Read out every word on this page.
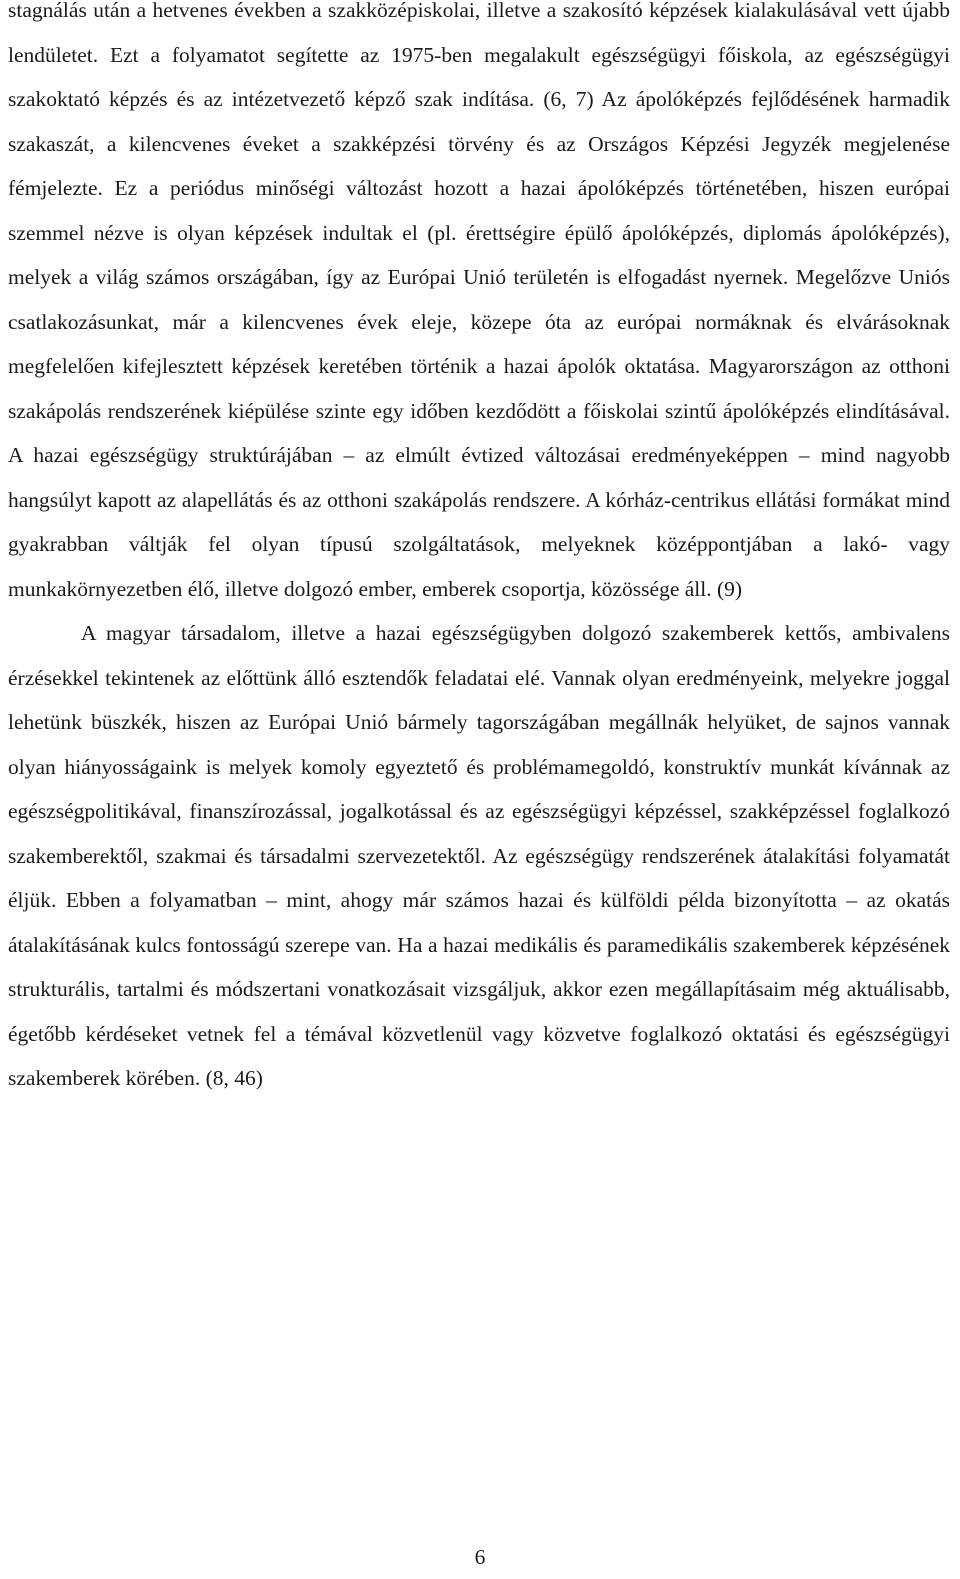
stagnálás után a hetvenes években a szakközépiskolai, illetve a szakosító képzések kialakulásával vett újabb lendületet. Ezt a folyamatot segítette az 1975-ben megalakult egészségügyi főiskola, az egészségügyi szakoktató képzés és az intézetvezető képző szak indítása. (6, 7) Az ápolóképzés fejlődésének harmadik szakaszát, a kilencvenes éveket a szakképzési törvény és az Országos Képzési Jegyzék megjelenése fémjelezte. Ez a periódus minőségi változást hozott a hazai ápolóképzés történetében, hiszen európai szemmel nézve is olyan képzések indultak el (pl. érettségire épülő ápolóképzés, diplomás ápolóképzés), melyek a világ számos országában, így az Európai Unió területén is elfogadást nyernek. Megelőzve Uniós csatlakozásunkat, már a kilencvenes évek eleje, közepe óta az európai normáknak és elvárásoknak megfelelően kifejlesztett képzések keretében történik a hazai ápolók oktatása. Magyarországon az otthoni szakápolás rendszerének kiépülése szinte egy időben kezdődött a főiskolai szintű ápolóképzés elindításával. A hazai egészségügy struktúrájában – az elmúlt évtized változásai eredményeképpen – mind nagyobb hangsúlyt kapott az alapellátás és az otthoni szakápolás rendszere. A kórház-centrikus ellátási formákat mind gyakrabban váltják fel olyan típusú szolgáltatások, melyeknek középpontjában a lakó- vagy munkakörnyezetben élő, illetve dolgozó ember, emberek csoportja, közössége áll. (9)

A magyar társadalom, illetve a hazai egészségügyben dolgozó szakemberek kettős, ambivalens érzésekkel tekintenek az előttünk álló esztendők feladatai elé. Vannak olyan eredményeink, melyekre joggal lehetünk büszkék, hiszen az Európai Unió bármely tagországában megállnák helyüket, de sajnos vannak olyan hiányosságaink is melyek komoly egyeztető és problémamegoldó, konstruktív munkát kívánnak az egészségpolitikával, finanszírozással, jogalkotással és az egészségügyi képzéssel, szakképzéssel foglalkozó szakemberektől, szakmai és társadalmi szervezetektől. Az egészségügy rendszerének átalakítási folyamatát éljük. Ebben a folyamatban – mint, ahogy már számos hazai és külföldi példa bizonyította – az okatás átalakításának kulcs fontosságú szerepe van. Ha a hazai medikális és paramedikális szakemberek képzésének strukturális, tartalmi és módszertani vonatkozásait vizsgáljuk, akkor ezen megállapításaim még aktuálisabb, égetőbb kérdéseket vetnek fel a témával közvetlenül vagy közvetve foglalkozó oktatási és egészségügyi szakemberek körében. (8, 46)

6
